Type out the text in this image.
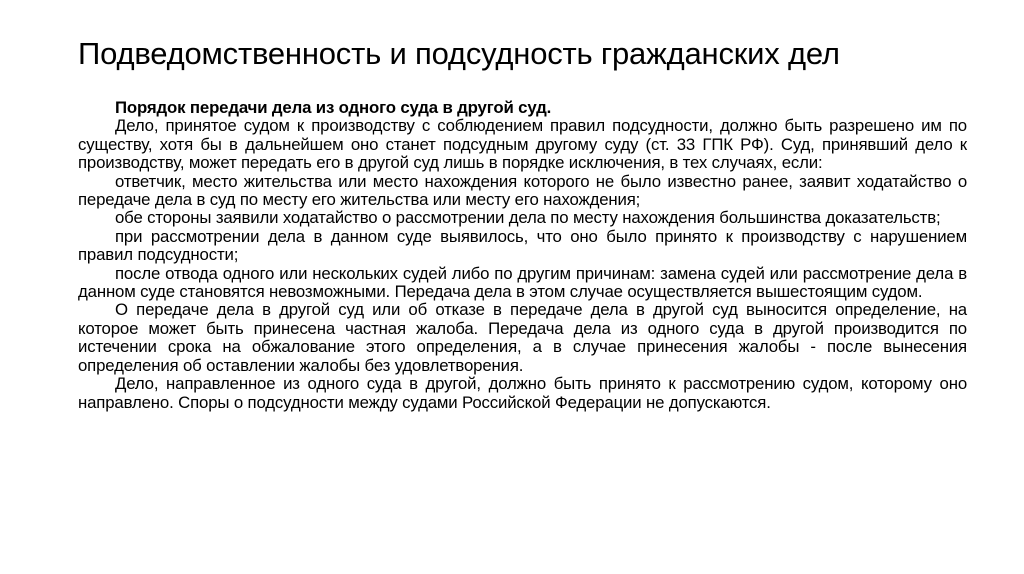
Подведомственность и подсудность гражданских дел

Порядок передачи дела из одного суда в другой суд.

Дело, принятое судом к производству с соблюдением правил подсудности, должно быть разрешено им по существу, хотя бы в дальнейшем оно станет подсудным другому суду (ст. 33 ГПК РФ). Суд, принявший дело к производству, может передать его в другой суд лишь в порядке исключения, в тех случаях, если:

ответчик, место жительства или место нахождения которого не было известно ранее, заявит ходатайство о передаче дела в суд по месту его жительства или месту его нахождения;

обе стороны заявили ходатайство о рассмотрении дела по месту нахождения большинства доказательств;

при рассмотрении дела в данном суде выявилось, что оно было принято к производству с нарушением правил подсудности;

после отвода одного или нескольких судей либо по другим причинам: замена судей или рассмотрение дела в данном суде становятся невозможными. Передача дела в этом случае осуществляется вышестоящим судом.

О передаче дела в другой суд или об отказе в передаче дела в другой суд выносится определение, на которое может быть принесена частная жалоба. Передача дела из одного суда в другой производится по истечении срока на обжалование этого определения, а в случае принесения жалобы - после вынесения определения об оставлении жалобы без удовлетворения.

Дело, направленное из одного суда в другой, должно быть принято к рассмотрению судом, которому оно направлено. Споры о подсудности между судами Российской Федерации не допускаются.
